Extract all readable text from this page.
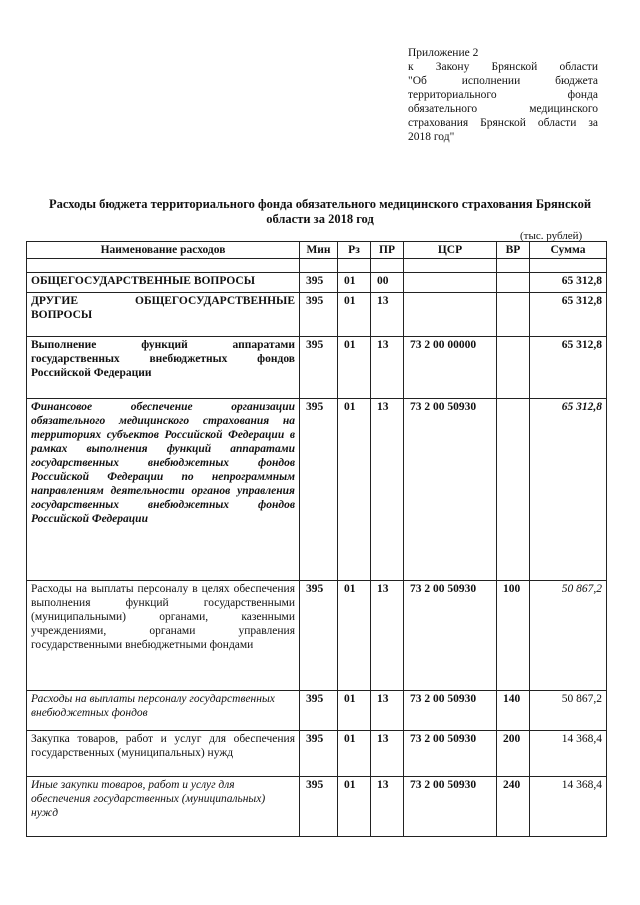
Приложение 2
к Закону Брянской области
"Об исполнении бюджета
территориального фонда
обязательного медицинского
страхования Брянской области за
2018 год"
Расходы бюджета территориального фонда обязательного медицинского страхования Брянской области за 2018 год
(тыс. рублей)
Наименование расходов	Мин	Рз	ПР	ЦСР	ВР	Сумма

ОБЩЕГОСУДАРСТВЕННЫЕ ВОПРОСЫ	395	01	00			65 312,8
ДРУГИЕ ОБЩЕГОСУДАРСТВЕННЫЕ ВОПРОСЫ	395	01	13			65 312,8
Выполнение функций аппаратами государственных внебюджетных фондов Российской Федерации	395	01	13	73 2 00 00000		65 312,8
Финансовое обеспечение организации обязательного медицинского страхования на территориях субъектов Российской Федерации в рамках выполнения функций аппаратами государственных внебюджетных фондов Российской Федерации по непрограммным направлениям деятельности органов управления государственных внебюджетных фондов Российской Федерации	395	01	13	73 2 00 50930		65 312,8
Расходы на выплаты персоналу в целях обеспечения выполнения функций государственными (муниципальными) органами, казенными учреждениями, органами управления государственными внебюджетными фондами	395	01	13	73 2 00 50930	100	50 867,2
Расходы на выплаты персоналу государственных внебюджетных фондов	395	01	13	73 2 00 50930	140	50 867,2
Закупка товаров, работ и услуг для обеспечения государственных (муниципальных) нужд	395	01	13	73 2 00 50930	200	14 368,4
Иные закупки товаров, работ и услуг для обеспечения государственных (муниципальных) нужд	395	01	13	73 2 00 50930	240	14 368,4
